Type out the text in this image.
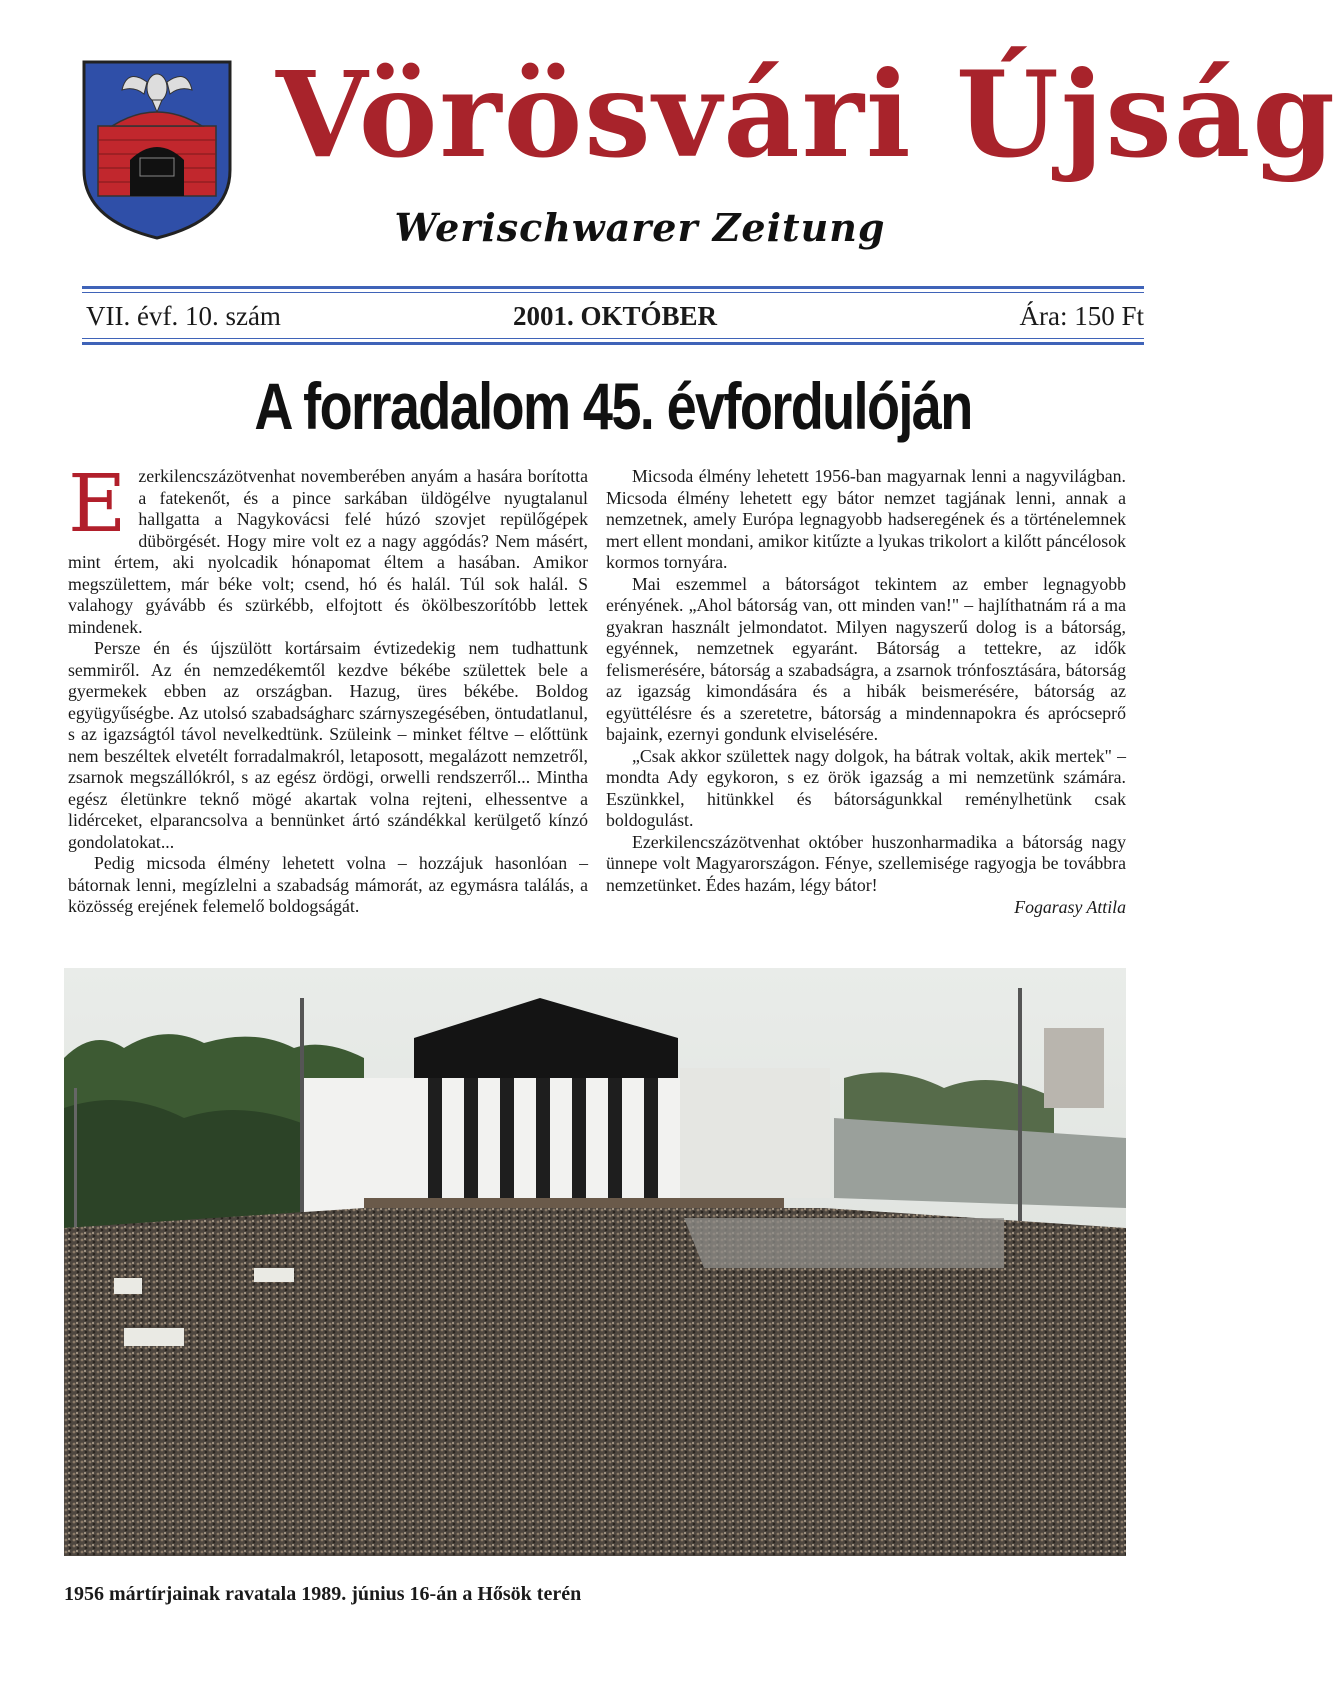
Vörösvári Újság
Werischwarer Zeitung
VII. évf. 10. szám	2001. OKTÓBER	Ára: 150 Ft
A forradalom 45. évfordulóján

Ezerkilencszázötvenhat novemberében anyám a hasára borította a fatekenőt, és a pince sarkában üldögélve nyugtalanul hallgatta a Nagykovácsi felé húzó szovjet repülőgépek dübörgését. Hogy mire volt ez a nagy aggódás? Nem másért, mint értem, aki nyolcadik hónapomat éltem a hasában. Amikor megszülettem, már béke volt; csend, hó és halál. Túl sok halál. S valahogy gyávább és szürkébb, elfojtott és ökölbeszorítóbb lettek mindenek.

Persze én és újszülött kortársaim évtizedekig nem tudhattunk semmiről. Az én nemzedékemtől kezdve békébe születtek bele a gyermekek ebben az országban. Hazug, üres békébe. Boldog együgyűségbe. Az utolsó szabadságharc szárnyszegésében, öntudatlanul, s az igazságtól távol nevelkedtünk. Szüleink – minket féltve – előttünk nem beszéltek elvetélt forradalmakról, letaposott, megalázott nemzetről, zsarnok megszállókról, s az egész ördögi, orwelli rendszerről... Mintha egész életünkre teknő mögé akartak volna rejteni, elhessentve a lidérceket, elparancsolva a bennünket ártó szándékkal kerülgető kínzó gondolatokat...

Pedig micsoda élmény lehetett volna – hozzájuk hasonlóan – bátornak lenni, megízlelni a szabadság mámorát, az egymásra találás, a közösség erejének felemelő boldogságát.

Micsoda élmény lehetett 1956-ban magyarnak lenni a nagyvilágban. Micsoda élmény lehetett egy bátor nemzet tagjának lenni, annak a nemzetnek, amely Európa legnagyobb hadseregének és a történelemnek mert ellent mondani, amikor kitűzte a lyukas trikolort a kilőtt páncélosok kormos tornyára.

Mai eszemmel a bátorságot tekintem az ember legnagyobb erényének. „Ahol bátorság van, ott minden van!" – hajlíthatnám rá a ma gyakran használt jelmondatot. Milyen nagyszerű dolog is a bátorság, egyénnek, nemzetnek egyaránt. Bátorság a tettekre, az idők felismerésére, bátorság a szabadságra, a zsarnok trónfosztására, bátorság az igazság kimondására és a hibák beismerésére, bátorság az együttélésre és a szeretetre, bátorság a mindennapokra és aprócseprő bajaink, ezernyi gondunk elviselésére.

„Csak akkor születtek nagy dolgok, ha bátrak voltak, akik mertek" – mondta Ady egykoron, s ez örök igazság a mi nemzetünk számára. Eszünkkel, hitünkkel és bátorságunkkal reménylhetünk csak boldogulást.

Ezerkilencszázötvenhat október huszonharmadika a bátorság nagy ünnepe volt Magyarországon. Fénye, szellemisége ragyogja be továbbra nemzetünket. Édes hazám, légy bátor!

Fogarasy Attila
1956 mártírjainak ravatala 1989. június 16-án a Hősök terén
